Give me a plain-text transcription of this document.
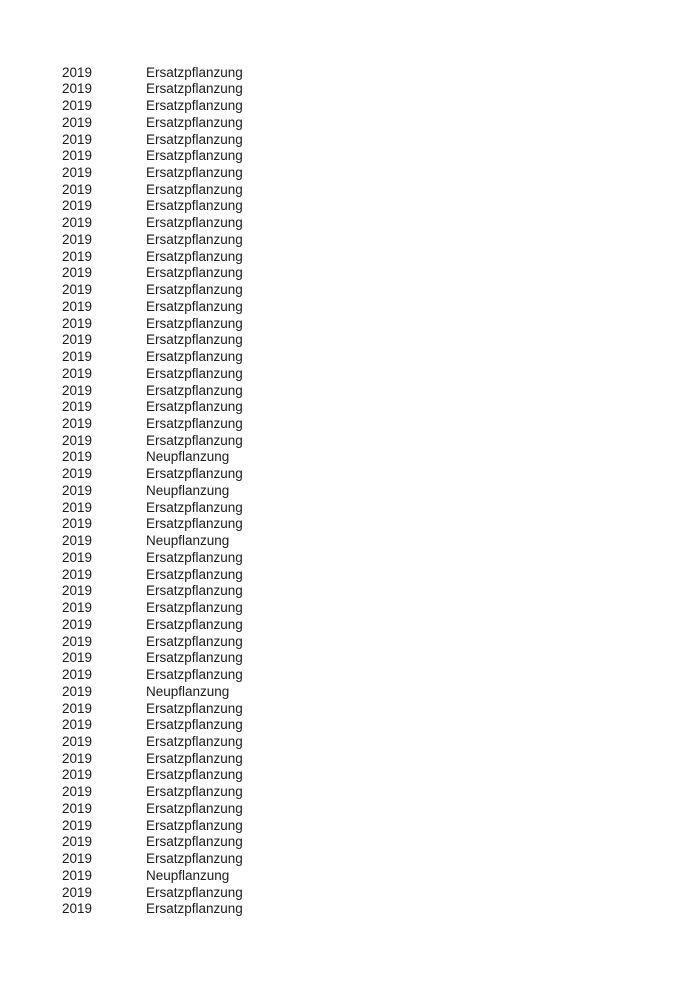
2019	Ersatzpflanzung
2019	Ersatzpflanzung
2019	Ersatzpflanzung
2019	Ersatzpflanzung
2019	Ersatzpflanzung
2019	Ersatzpflanzung
2019	Ersatzpflanzung
2019	Ersatzpflanzung
2019	Ersatzpflanzung
2019	Ersatzpflanzung
2019	Ersatzpflanzung
2019	Ersatzpflanzung
2019	Ersatzpflanzung
2019	Ersatzpflanzung
2019	Ersatzpflanzung
2019	Ersatzpflanzung
2019	Ersatzpflanzung
2019	Ersatzpflanzung
2019	Ersatzpflanzung
2019	Ersatzpflanzung
2019	Ersatzpflanzung
2019	Ersatzpflanzung
2019	Ersatzpflanzung
2019	Neupflanzung
2019	Ersatzpflanzung
2019	Neupflanzung
2019	Ersatzpflanzung
2019	Ersatzpflanzung
2019	Neupflanzung
2019	Ersatzpflanzung
2019	Ersatzpflanzung
2019	Ersatzpflanzung
2019	Ersatzpflanzung
2019	Ersatzpflanzung
2019	Ersatzpflanzung
2019	Ersatzpflanzung
2019	Ersatzpflanzung
2019	Neupflanzung
2019	Ersatzpflanzung
2019	Ersatzpflanzung
2019	Ersatzpflanzung
2019	Ersatzpflanzung
2019	Ersatzpflanzung
2019	Ersatzpflanzung
2019	Ersatzpflanzung
2019	Ersatzpflanzung
2019	Ersatzpflanzung
2019	Ersatzpflanzung
2019	Neupflanzung
2019	Ersatzpflanzung
2019	Ersatzpflanzung
